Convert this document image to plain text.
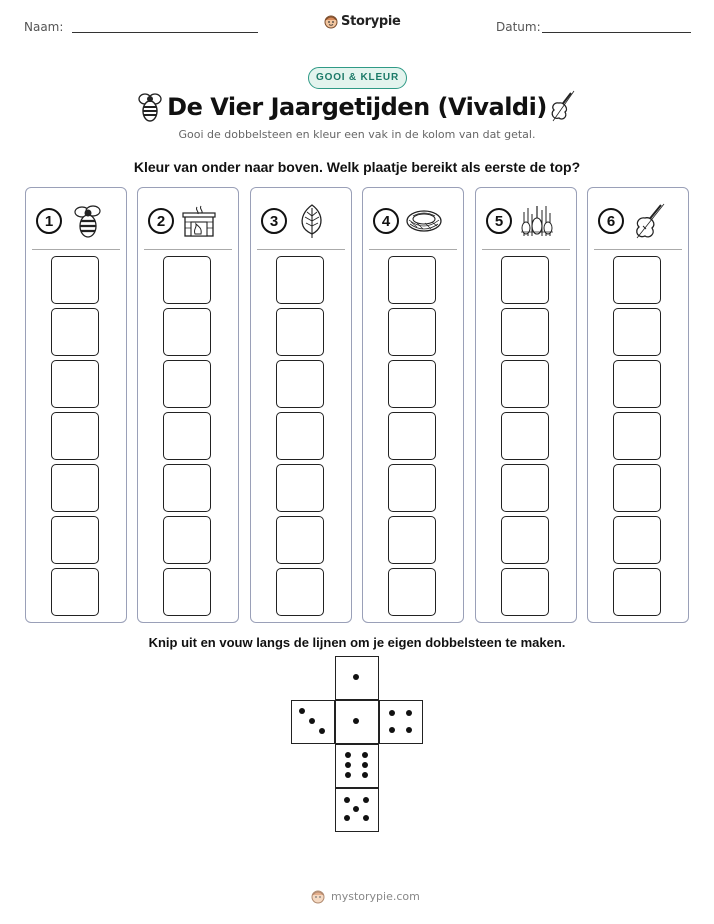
Naam:	Storypie	Datum:
GOOI & KLEUR
De Vier Jaargetijden (Vivaldi)
Gooi de dobbelsteen en kleur een vak in de kolom van dat getal.
Kleur van onder naar boven. Welk plaatje bereikt als eerste de top?
1	2	3	4	5	6
Knip uit en vouw langs de lijnen om je eigen dobbelsteen te maken.
mystorypie.com
